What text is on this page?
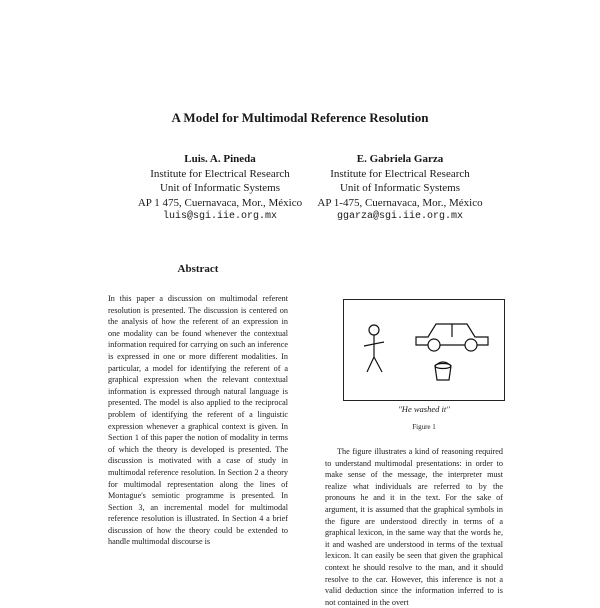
A Model for Multimodal Reference Resolution
Luis. A. Pineda
Institute for Electrical Research
Unit of Informatic Systems
AP 1 475, Cuernavaca, Mor., México
luis@sgi.iie.org.mx
E. Gabriela Garza
Institute for Electrical Research
Unit of Informatic Systems
AP 1-475, Cuernavaca, Mor., México
ggarza@sgi.iie.org.mx
Abstract
In this paper a discussion on multimodal referent resolution is presented. The discussion is centered on the analysis of how the referent of an expression in one modality can be found whenever the contextual information required for carrying on such an inference is expressed in one or more different modalities. In particular, a model for identifying the referent of a graphical expression when the relevant contextual information is expressed through natural language is presented. The model is also applied to the reciprocal problem of identifying the referent of a linguistic expression whenever a graphical context is given. In Section 1 of this paper the notion of modality in terms of which the theory is developed is presented. The discussion is motivated with a case of study in multimodal reference resolution. In Section 2 a theory for multimodal representation along the lines of Montague's semiotic programme is presented. In Section 3, an incremental model for multimodal reference resolution is illustrated. In Section 4 a brief discussion of how the theory could be extended to handle multimodal discourse is
"He washed it"
Figure 1

The figure illustrates a kind of reasoning required to understand multimodal presentations: in order to make sense of the message, the interpreter must realize what individuals are referred to by the pronouns he and it in the text. For the sake of argument, it is assumed that the graphical symbols in the figure are understood directly in terms of a graphical lexicon, in the same way that the words he, it and washed are understood in terms of the textual lexicon. It can easily be seen that given the graphical context he should resolve to the man, and it should resolve to the car. However, this inference is not a valid deduction since the information inferred to is not contained in the overt
